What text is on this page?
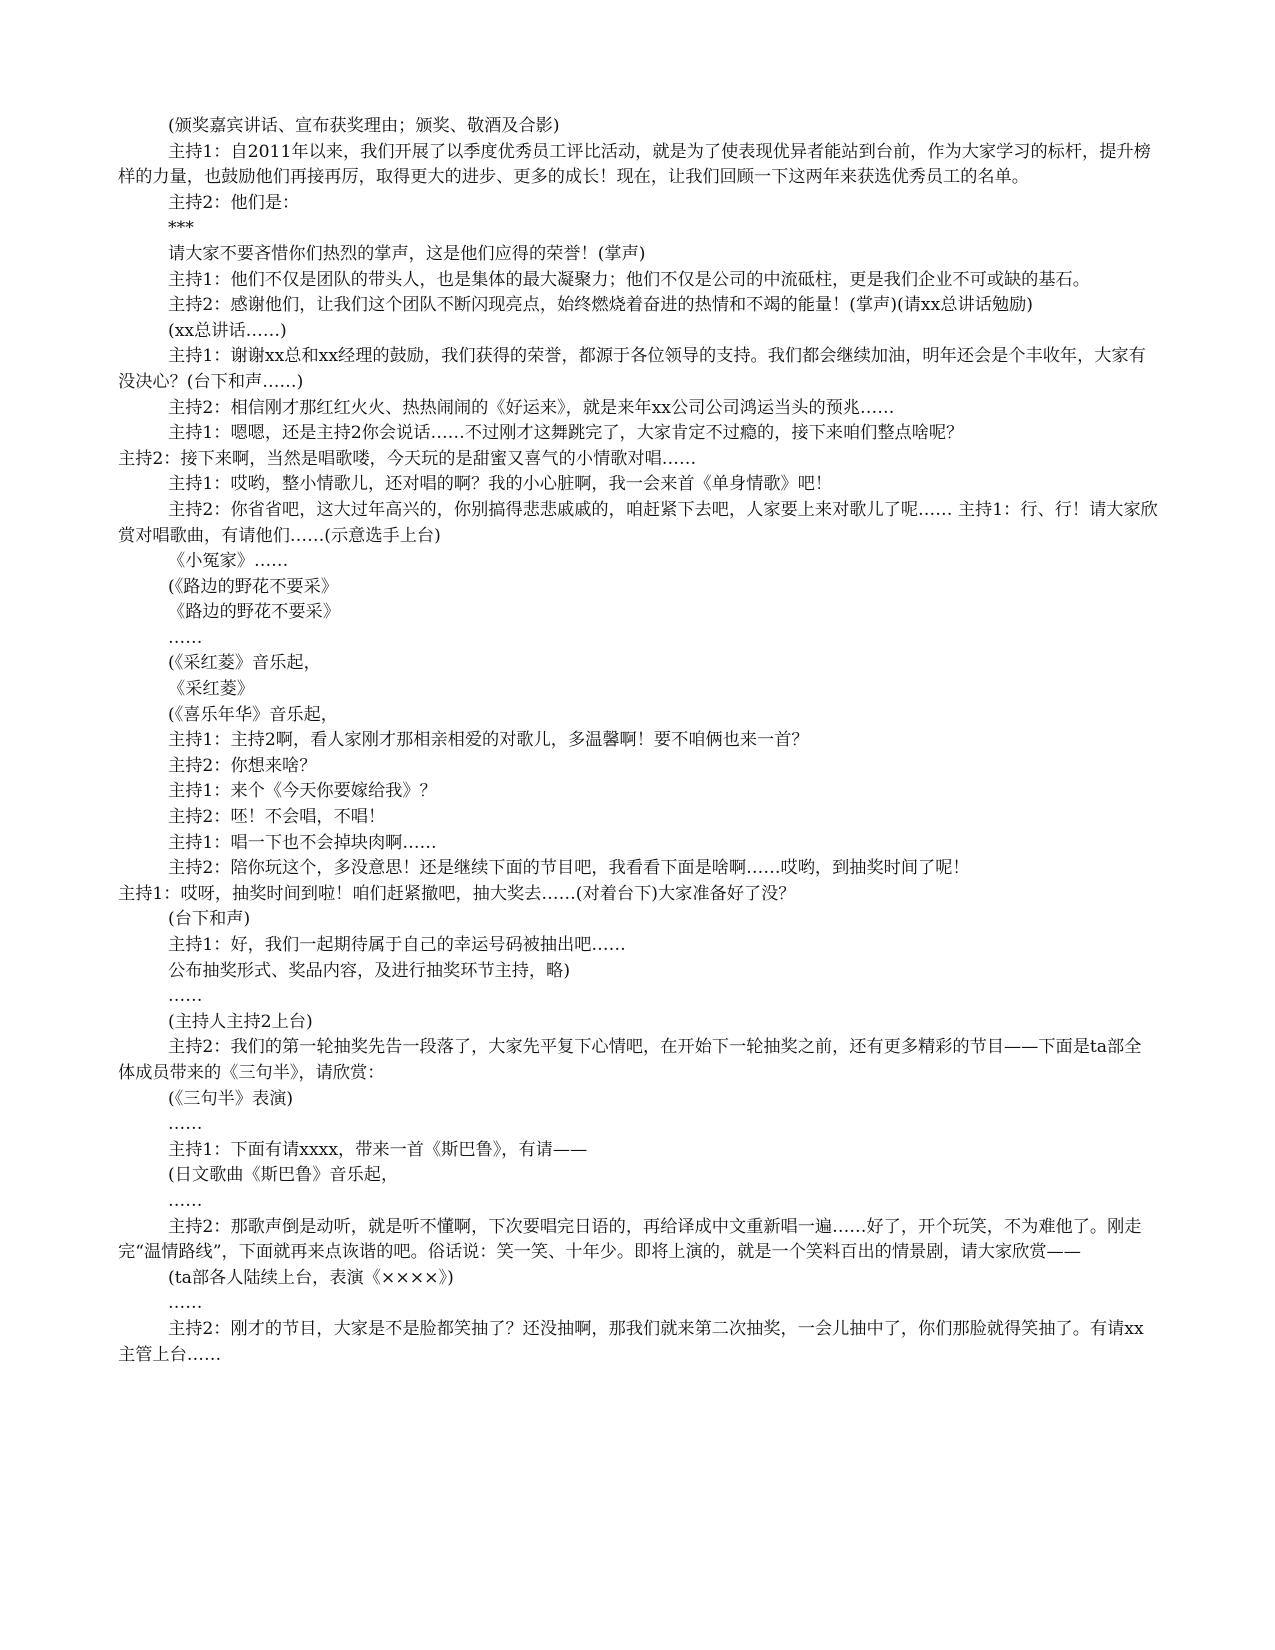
(颁奖嘉宾讲话、宣布获奖理由；颁奖、敬酒及合影)

主持1：自2011年以来，我们开展了以季度优秀员工评比活动，就是为了使表现优异者能站到台前，作为大家学习的标杆，提升榜样的力量，也鼓励他们再接再厉，取得更大的进步、更多的成长！现在，让我们回顾一下这两年来获选优秀员工的名单。

主持2：他们是：

***

请大家不要吝惜你们热烈的掌声，这是他们应得的荣誉！(掌声)

主持1：他们不仅是团队的带头人，也是集体的最大凝聚力；他们不仅是公司的中流砥柱，更是我们企业不可或缺的基石。

主持2：感谢他们，让我们这个团队不断闪现亮点，始终燃烧着奋进的热情和不竭的能量！(掌声)(请xx总讲话勉励)

(xx总讲话……)

主持1：谢谢xx总和xx经理的鼓励，我们获得的荣誉，都源于各位领导的支持。我们都会继续加油，明年还会是个丰收年，大家有没决心？(台下和声……)

主持2：相信刚才那红红火火、热热闹闹的《好运来》，就是来年xx公司公司鸿运当头的预兆……

主持1：嗯嗯，还是主持2你会说话……不过刚才这舞跳完了，大家肯定不过瘾的，接下来咱们整点啥呢？

主持2：接下来啊，当然是唱歌喽，今天玩的是甜蜜又喜气的小情歌对唱……

主持1：哎哟，整小情歌儿，还对唱的啊？我的小心脏啊，我一会来首《单身情歌》吧！

主持2：你省省吧，这大过年高兴的，你别搞得悲悲戚戚的，咱赶紧下去吧，人家要上来对歌儿了呢…… 主持1：行、行！请大家欣赏对唱歌曲，有请他们……(示意选手上台)

《小冤家》……

(《路边的野花不要采》

《路边的野花不要采》

……

(《采红菱》音乐起，

《采红菱》

(《喜乐年华》音乐起，

主持1：主持2啊，看人家刚才那相亲相爱的对歌儿，多温馨啊！要不咱俩也来一首？

主持2：你想来啥？

主持1：来个《今天你要嫁给我》？

主持2：呸！不会唱，不唱！

主持1：唱一下也不会掉块肉啊……

主持2：陪你玩这个，多没意思！还是继续下面的节目吧，我看看下面是啥啊……哎哟，到抽奖时间了呢！

主持1：哎呀，抽奖时间到啦！咱们赶紧撤吧，抽大奖去……(对着台下)大家准备好了没？

(台下和声)

主持1：好，我们一起期待属于自己的幸运号码被抽出吧……

公布抽奖形式、奖品内容，及进行抽奖环节主持，略)

……

(主持人主持2上台)

主持2：我们的第一轮抽奖先告一段落了，大家先平复下心情吧，在开始下一轮抽奖之前，还有更多精彩的节目——下面是ta部全体成员带来的《三句半》，请欣赏：

(《三句半》表演)

……

主持1：下面有请xxxx，带来一首《斯巴鲁》，有请——

(日文歌曲《斯巴鲁》音乐起，

……

主持2：那歌声倒是动听，就是听不懂啊，下次要唱完日语的，再给译成中文重新唱一遍……好了，开个玩笑，不为难他了。刚走完“温情路线”，下面就再来点诙谐的吧。俗话说：笑一笑、十年少。即将上演的，就是一个笑料百出的情景剧，请大家欣赏——

(ta部各人陆续上台，表演《××××》)

……

主持2：刚才的节目，大家是不是脸都笑抽了？还没抽啊，那我们就来第二次抽奖，一会儿抽中了，你们那脸就得笑抽了。有请xx主管上台……
